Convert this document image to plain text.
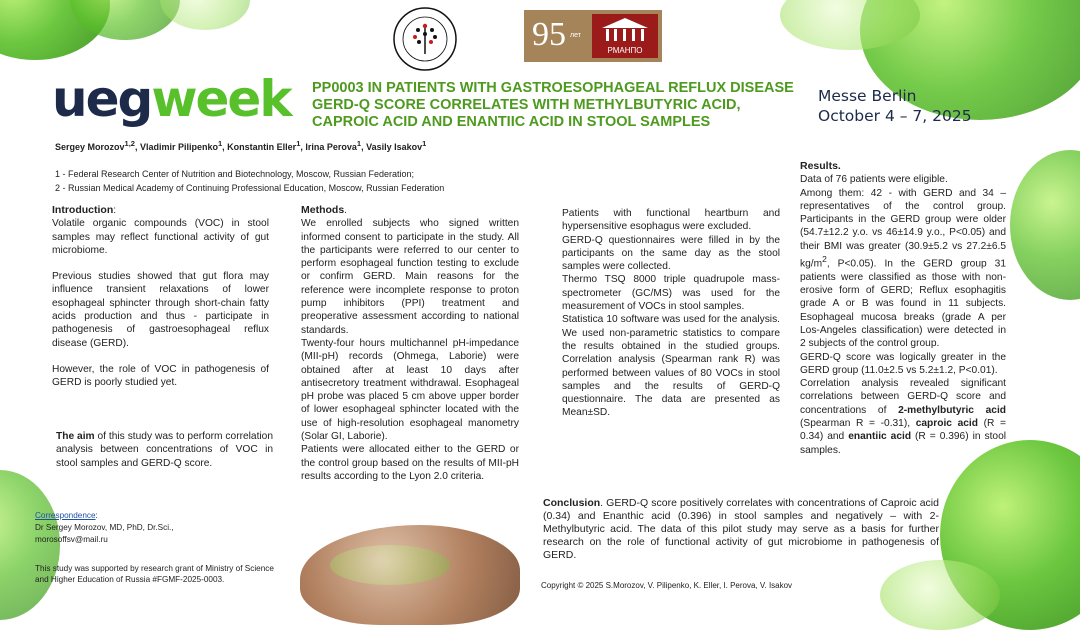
95 лет
РМАНПО
uegweek PP0003 IN PATIENTS WITH GASTROESOPHAGEAL REFLUX DISEASE
GERD-Q SCORE CORRELATES WITH METHYLBUTYRIC ACID,
CAPROIC ACID AND ENANTIIC ACID IN STOOL SAMPLES
Messe Berlin
October 4 – 7, 2025
Sergey Morozov$^{1,2}$, Vladimir Pilipenko$^1$, Konstantin Eller$^1$, Irina Perova$^1$, Vasily Isakov$^1$
1 - Federal Research Center of Nutrition and Biotechnology, Moscow, Russian Federation;
2 - Russian Medical Academy of Continuing Professional Education, Moscow, Russian Federation

Introduction:

Volatile organic compounds (VOC) in stool samples may reflect functional activity of gut microbiome.

Previous studies showed that gut flora may influence transient relaxations of lower esophageal sphincter through short-chain fatty acids production and thus - participate in pathogenesis of gastroesophageal reflux disease (GERD).

However, the role of VOC in pathogenesis of GERD is poorly studied yet.

The aim of this study was to perform correlation analysis between concentrations of VOC in stool samples and GERD-Q score.

Methods.

We enrolled subjects who signed written informed consent to participate in the study. All the participants were referred to our center to perform esophageal function testing to exclude or confirm GERD. Main reasons for the reference were incomplete response to proton pump inhibitors (PPI) treatment and preoperative assessment according to national standards.

Twenty-four hours multichannel pH-impedance (MII-pH) records (Ohmega, Laborie) were obtained after at least 10 days after antisecretory treatment withdrawal. Esophageal pH probe was placed 5 cm above upper border of lower esophageal sphincter located with the use of high-resolution esophageal manometry (Solar GI, Laborie).

Patients were allocated either to the GERD or the control group based on the results of MII-pH results according to the Lyon 2.0 criteria.

Patients with functional heartburn and hypersensitive esophagus were excluded.

GERD-Q questionnaires were filled in by the participants on the same day as the stool samples were collected.

Thermo TSQ 8000 triple quadrupole mass-spectrometer (GC/MS) was used for the measurement of VOCs in stool samples.

Statistica 10 software was used for the analysis. We used non-parametric statistics to compare the results obtained in the studied groups. Correlation analysis (Spearman rank R) was performed between values of 80 VOCs in stool samples and the results of GERD-Q questionnaire. The data are presented as Mean±SD.

Results.

Data of 76 patients were eligible.

Among them: 42 - with GERD and 34 – representatives of the control group. Participants in the GERD group were older (54.7±12.2 y.o. vs 46±14.9 y.o., P<0.05) and their BMI was greater (30.9±5.2 vs 27.2±6.5 $kg/m^2$, P<0.05). In the GERD group 31 patients were classified as those with non-erosive form of GERD; Reflux esophagitis grade A or B was found in 11 subjects. Esophageal mucosa breaks (grade A per Los-Angeles classification) were detected in 2 subjects of the control group.

GERD-Q score was logically greater in the GERD group (11.0±2.5 vs 5.2±1.2, P<0.01).

Correlation analysis revealed significant correlations between GERD-Q score and concentrations of 2-methylbutyric acid (Spearman R = -0.31), caproic acid (R = 0.34) and enantiic acid (R = 0.396) in stool samples.

Conclusion. GERD-Q score positively correlates with concentrations of Caproic acid (0.34) and Enanthic acid (0.396) in stool samples and negatively – with 2-Methylbutyric acid. The data of this pilot study may serve as a basis for further research on the role of functional activity of gut microbiome in pathogenesis of GERD.
Correspondence:
Dr Sergey Morozov, MD, PhD, Dr.Sci.,
morosoffsv@mail.ru
This study was supported by research grant of Ministry of Science and Higher Education of Russia #FGMF-2025-0003.
Copyright © 2025 S.Morozov, V. Pilipenko, K. Eller, I. Perova, V. Isakov
